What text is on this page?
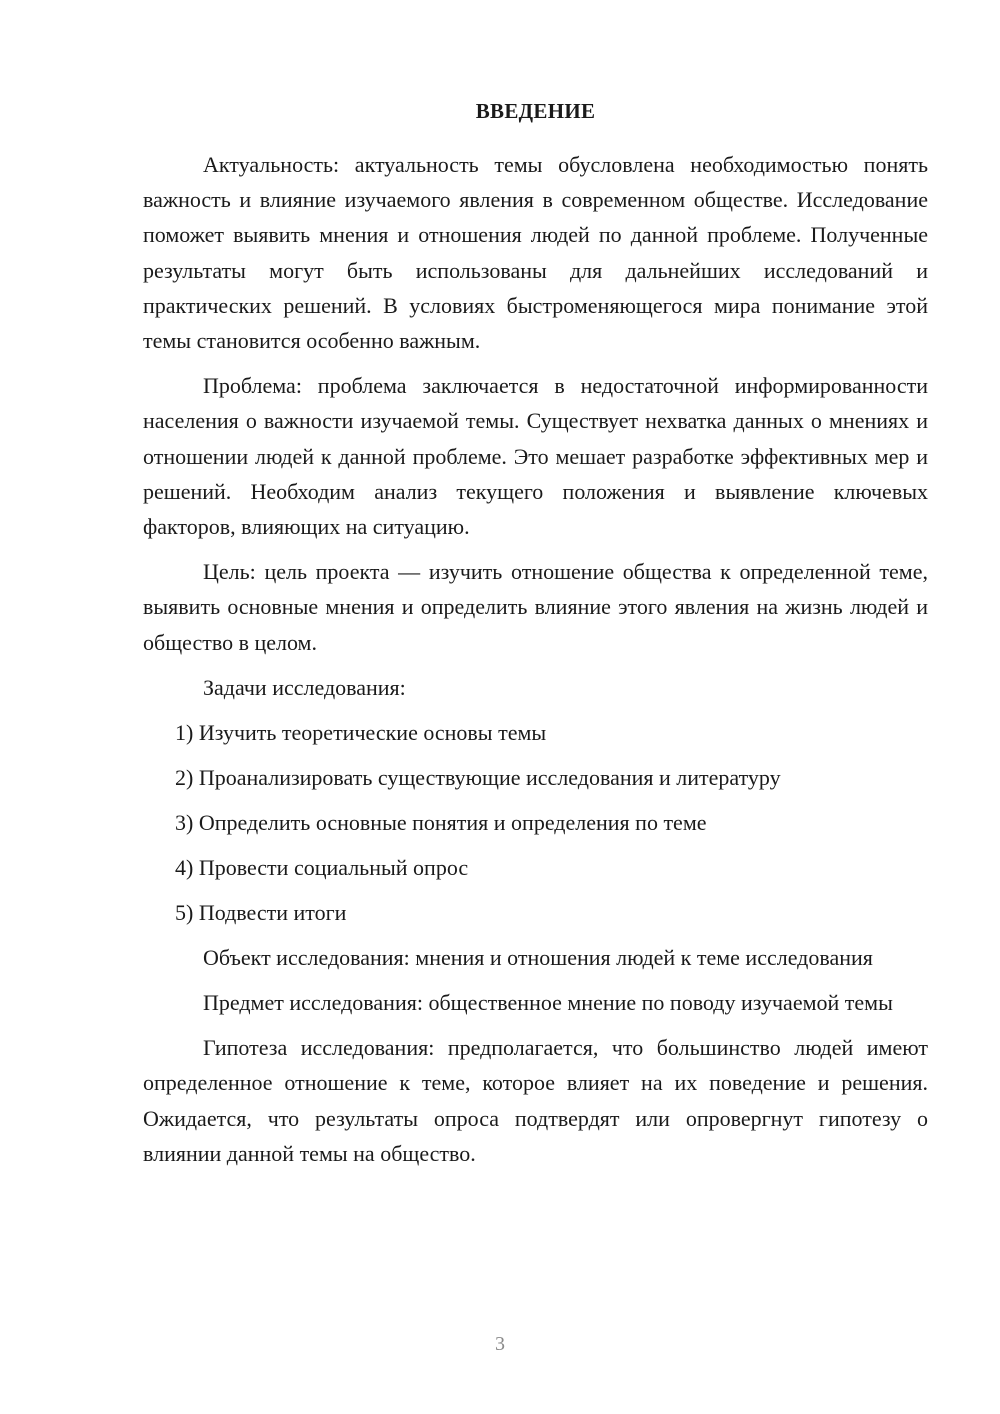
ВВЕДЕНИЕ

Актуальность: актуальность темы обусловлена необходимостью понять важность и влияние изучаемого явления в современном обществе. Исследование поможет выявить мнения и отношения людей по данной проблеме. Полученные результаты могут быть использованы для дальнейших исследований и практических решений. В условиях быстроменяющегося мира понимание этой темы становится особенно важным.

Проблема: проблема заключается в недостаточной информированности населения о важности изучаемой темы. Существует нехватка данных о мнениях и отношении людей к данной проблеме. Это мешает разработке эффективных мер и решений. Необходим анализ текущего положения и выявление ключевых факторов, влияющих на ситуацию.

Цель: цель проекта — изучить отношение общества к определенной теме, выявить основные мнения и определить влияние этого явления на жизнь людей и общество в целом.

Задачи исследования:
1) Изучить теоретические основы темы
2) Проанализировать существующие исследования и литературу
3) Определить основные понятия и определения по теме
4) Провести социальный опрос
5) Подвести итоги

Объект исследования: мнения и отношения людей к теме исследования

Предмет исследования: общественное мнение по поводу изучаемой темы

Гипотеза исследования: предполагается, что большинство людей имеют определенное отношение к теме, которое влияет на их поведение и решения. Ожидается, что результаты опроса подтвердят или опровергнут гипотезу о влиянии данной темы на общество.

3
